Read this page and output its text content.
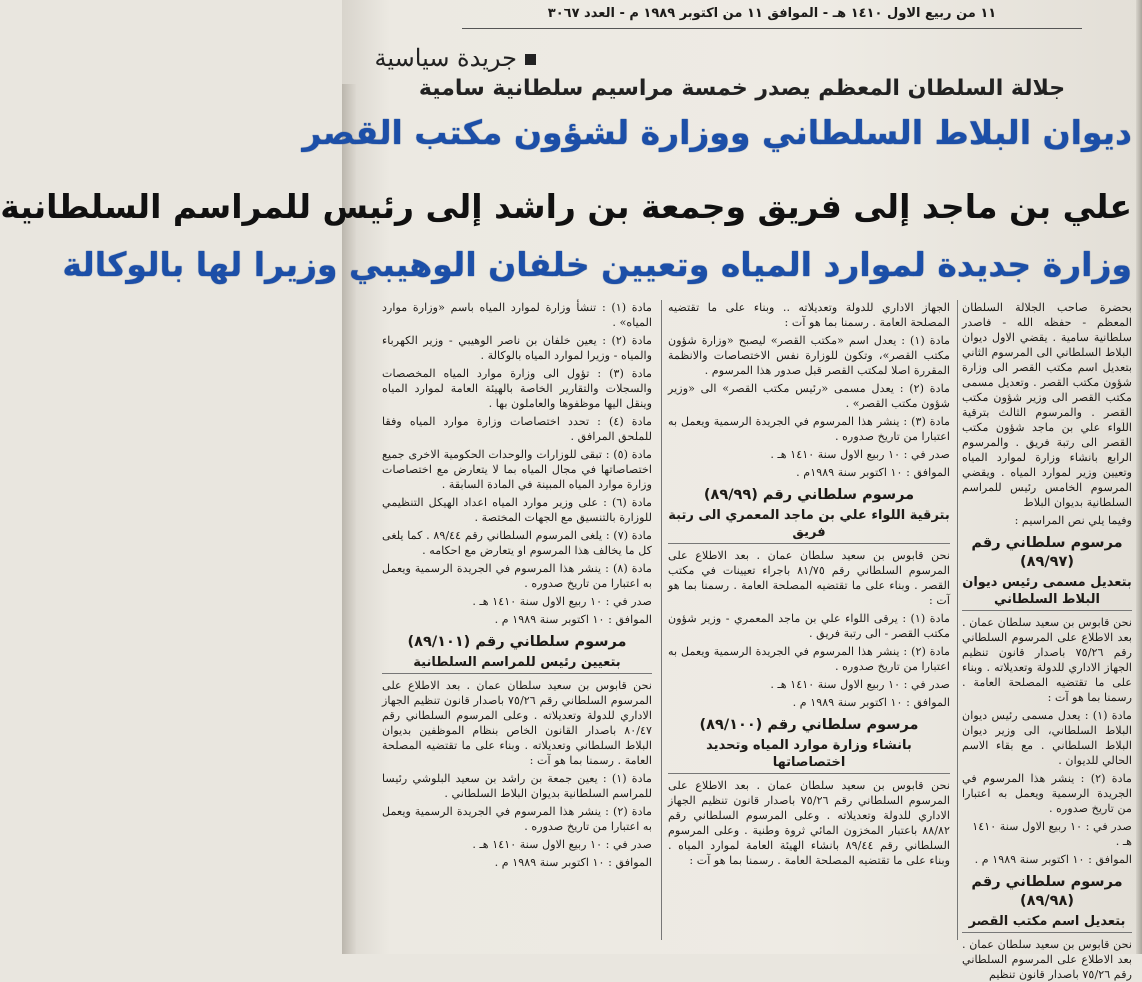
١١ من ربيع الاول ١٤١٠ هـ - الموافق ١١ من اكتوبر ١٩٨٩ م - العدد ٣٠٦٧
جريدة سياسية
جلالة السلطان المعظم يصدر خمسة مراسيم سلطانية سامية
ديوان البلاط السلطاني ووزارة لشؤون مكتب القصر
علي بن ماجد إلى فريق وجمعة بن راشد إلى رئيس للمراسم السلطانية
وزارة جديدة لموارد المياه وتعيين خلفان الوهيبي وزيرا لها بالوكالة

بحضرة صاحب الجلالة السلطان المعظم - حفظه الله - فاصدر سلطانية سامية . يقضي الاول ديوان البلاط السلطاني الى المرسوم الثاني بتعديل اسم مكتب القصر الى وزارة شؤون مكتب القصر . وتعديل مسمى مكتب القصر الى وزير شؤون مكتب القصر . والمرسوم الثالث بترقية اللواء علي بن ماجد شؤون مكتب القصر الى رتبة فريق . والمرسوم الرابع بانشاء وزارة لموارد المياه وتعيين وزير لموارد المياه . ويقضي المرسوم الخامس رئيس للمراسم السلطانية بديوان البلاط

وفيما يلي نص المراسيم :

مرسوم سلطاني رقم (٨٩/٩٧)
بتعديل مسمى رئيس ديوان البلاط السلطاني

نحن قابوس بن سعيد سلطان عمان . بعد الاطلاع على المرسوم السلطاني رقم ٧٥/٢٦ باصدار قانون تنظيم الجهاز الاداري للدولة وتعديلاته . وبناء على ما تقتضيه المصلحة العامة . رسمنا بما هو آت :

مادة (١) : يعدل مسمى رئيس ديوان البلاط السلطاني، الى وزير ديوان البلاط السلطاني . مع بقاء الاسم الحالي للديوان .

مادة (٢) : ينشر هذا المرسوم في الجريدة الرسمية ويعمل به اعتبارا من تاريخ صدوره .

صدر في : ١٠ ربيع الاول سنة ١٤١٠ هـ .

الموافق : ١٠ اكتوبر سنة ١٩٨٩ م .

مرسوم سلطاني رقم (٨٩/٩٨)
بتعديل اسم مكتب القصر

نحن قابوس بن سعيد سلطان عمان . بعد الاطلاع على المرسوم السلطاني رقم ٧٥/٢٦ باصدار قانون تنظيم

الجهاز الاداري للدولة وتعديلاته .. وبناء على ما تقتضيه المصلحة العامة . رسمنا بما هو آت :

مادة (١) : يعدل اسم «مكتب القصر» ليصبح «وزارة شؤون مكتب القصر»، وتكون للوزارة نفس الاختصاصات والانظمة المقررة اصلا لمكتب القصر قبل صدور هذا المرسوم .

مادة (٢) : يعدل مسمى «رئيس مكتب القصر» الى «وزير شؤون مكتب القصر» .

مادة (٣) : ينشر هذا المرسوم في الجريدة الرسمية ويعمل به اعتبارا من تاريخ صدوره .

صدر في : ١٠ ربيع الاول سنة ١٤١٠ هـ .

الموافق : ١٠ اكتوبر سنة ١٩٨٩م .

مرسوم سلطاني رقم (٨٩/٩٩)
بترقية اللواء علي بن ماجد المعمري الى رتبة فريق

نحن قابوس بن سعيد سلطان عمان . بعد الاطلاع على المرسوم السلطاني رقم ٨١/٧٥ باجراء تعيينات في مكتب القصر . وبناء على ما تقتضيه المصلحة العامة . رسمنا بما هو آت :

مادة (١) : يرقى اللواء علي بن ماجد المعمري - وزير شؤون مكتب القصر - الى رتبة فريق .

مادة (٢) : ينشر هذا المرسوم في الجريدة الرسمية ويعمل به اعتبارا من تاريخ صدوره .

صدر في : ١٠ ربيع الاول سنة ١٤١٠ هـ .

الموافق : ١٠ اكتوبر سنة ١٩٨٩ م .

مرسوم سلطاني رقم (٨٩/١٠٠)
بانشاء وزارة موارد المياه وتحديد اختصاصاتها

نحن قابوس بن سعيد سلطان عمان . بعد الاطلاع على المرسوم السلطاني رقم ٧٥/٢٦ باصدار قانون تنظيم الجهاز الاداري للدولة وتعديلاته . وعلى المرسوم السلطاني رقم ٨٨/٨٢ باعتبار المخزون المائي ثروة وطنية . وعلى المرسوم السلطاني رقم ٨٩/٤٤ بانشاء الهيئة العامة لموارد المياه . وبناء على ما تقتضيه المصلحة العامة . رسمنا بما هو آت :

مادة (١) : تنشأ وزارة لموارد المياه باسم «وزارة موارد المياه» .

مادة (٢) : يعين خلفان بن ناصر الوهيبي - وزير الكهرباء والمياه - وزيرا لموارد المياه بالوكالة .

مادة (٣) : تؤول الى وزارة موارد المياه المخصصات والسجلات والتقارير الخاصة بالهيئة العامة لموارد المياه وينقل اليها موظفوها والعاملون بها .

مادة (٤) : تحدد اختصاصات وزارة موارد المياه وفقا للملحق المرافق .

مادة (٥) : تبقى للوزارات والوحدات الحكومية الاخرى جميع اختصاصاتها في مجال المياه بما لا يتعارض مع اختصاصات وزارة موارد المياه المبينة في المادة السابقة .

مادة (٦) : على وزير موارد المياه اعداد الهيكل التنظيمي للوزارة بالتنسيق مع الجهات المختصة .

مادة (٧) : يلغى المرسوم السلطاني رقم ٨٩/٤٤ . كما يلغى كل ما يخالف هذا المرسوم او يتعارض مع احكامه .

مادة (٨) : ينشر هذا المرسوم في الجريدة الرسمية ويعمل به اعتبارا من تاريخ صدوره .

صدر في : ١٠ ربيع الاول سنة ١٤١٠ هـ .

الموافق : ١٠ اكتوبر سنة ١٩٨٩ م .

مرسوم سلطاني رقم (٨٩/١٠١)
بتعيين رئيس للمراسم السلطانية

نحن قابوس بن سعيد سلطان عمان . بعد الاطلاع على المرسوم السلطاني رقم ٧٥/٢٦ باصدار قانون تنظيم الجهاز الاداري للدولة وتعديلاته . وعلى المرسوم السلطاني رقم ٨٠/٤٧ باصدار القانون الخاص بنظام الموظفين بديوان البلاط السلطاني وتعديلاته . وبناء على ما تقتضيه المصلحة العامة . رسمنا بما هو آت :

مادة (١) : يعين جمعة بن راشد بن سعيد البلوشي رئيسا للمراسم السلطانية بديوان البلاط السلطاني .

مادة (٢) : ينشر هذا المرسوم في الجريدة الرسمية ويعمل به اعتبارا من تاريخ صدوره .

صدر في : ١٠ ربيع الاول سنة ١٤١٠ هـ .

الموافق : ١٠ اكتوبر سنة ١٩٨٩ م .
